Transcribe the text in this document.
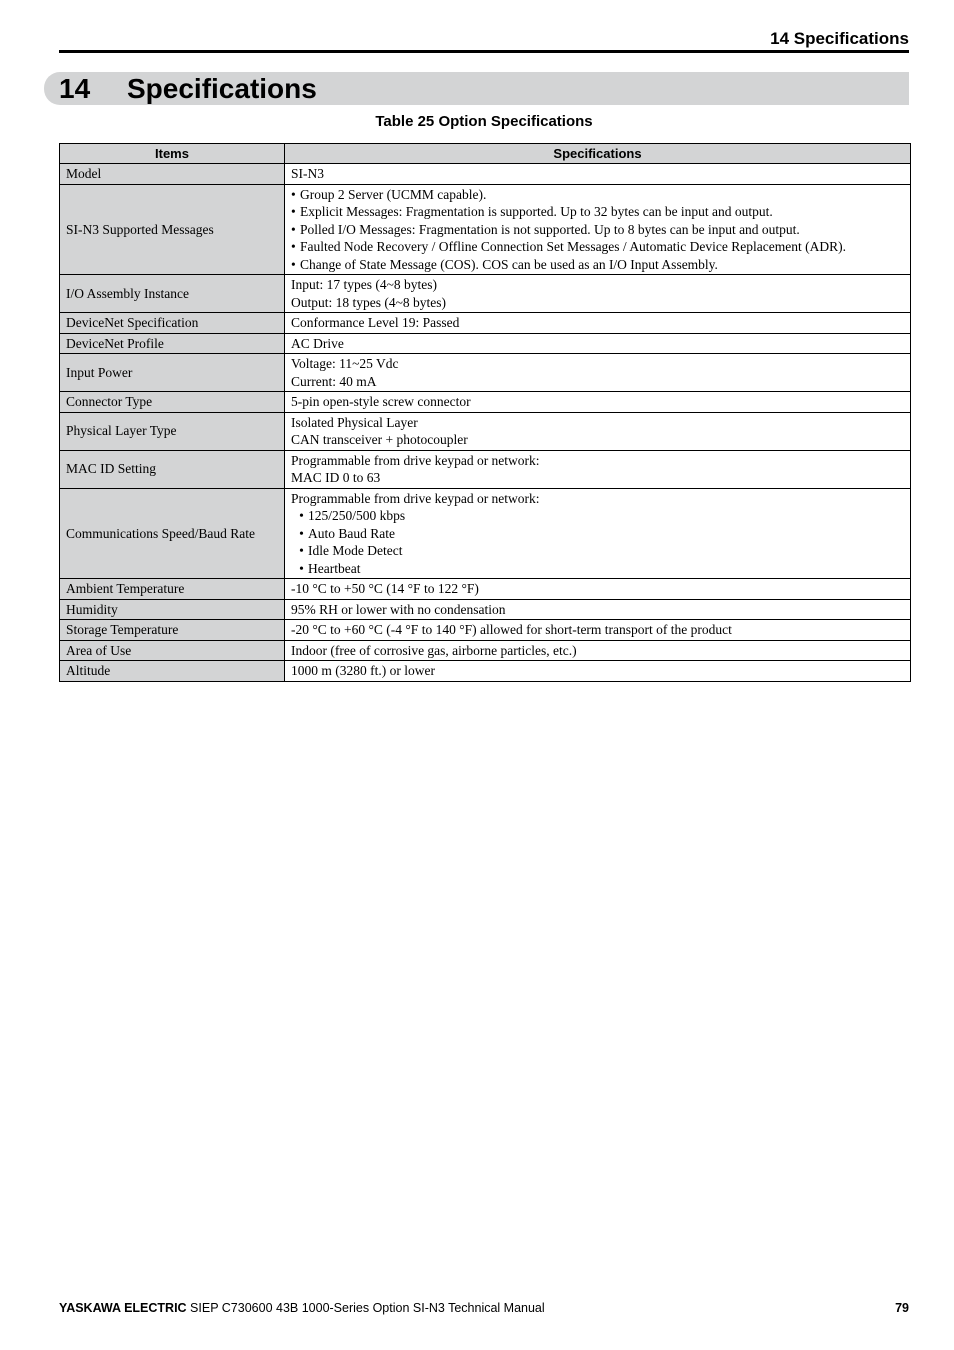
14 Specifications
14 Specifications
Table 25 Option Specifications
Items	Specifications
Model	SI-N3

SI-N3 Supported Messages	• Group 2 Server (UCMM capable).
• Explicit Messages: Fragmentation is supported. Up to 32 bytes can be input and output.
• Polled I/O Messages: Fragmentation is not supported. Up to 8 bytes can be input and output.
• Faulted Node Recovery / Offline Connection Set Messages / Automatic Device Replacement (ADR).
• Change of State Message (COS). COS can be used as an I/O Input Assembly.

I/O Assembly Instance	Input: 17 types (4~8 bytes)
Output: 18 types (4~8 bytes)

DeviceNet Specification	Conformance Level 19: Passed

DeviceNet Profile	AC Drive

Input Power	Voltage: 11~25 Vdc
Current: 40 mA

Connector Type	5-pin open-style screw connector

Physical Layer Type	Isolated Physical Layer
CAN transceiver + photocoupler

MAC ID Setting	Programmable from drive keypad or network:
MAC ID 0 to 63

Communications Speed/Baud Rate	Programmable from drive keypad or network:
• 125/250/500 kbps
• Auto Baud Rate
• Idle Mode Detect
• Heartbeat

Ambient Temperature	-10 °C to +50 °C (14 °F to 122 °F)

Humidity	95% RH or lower with no condensation

Storage Temperature	-20 °C to +60 °C (-4 °F to 140 °F) allowed for short-term transport of the product

Area of Use	Indoor (free of corrosive gas, airborne particles, etc.)

Altitude	1000 m (3280 ft.) or lower
YASKAWA ELECTRIC SIEP C730600 43B 1000-Series Option SI-N3 Technical Manual	79
